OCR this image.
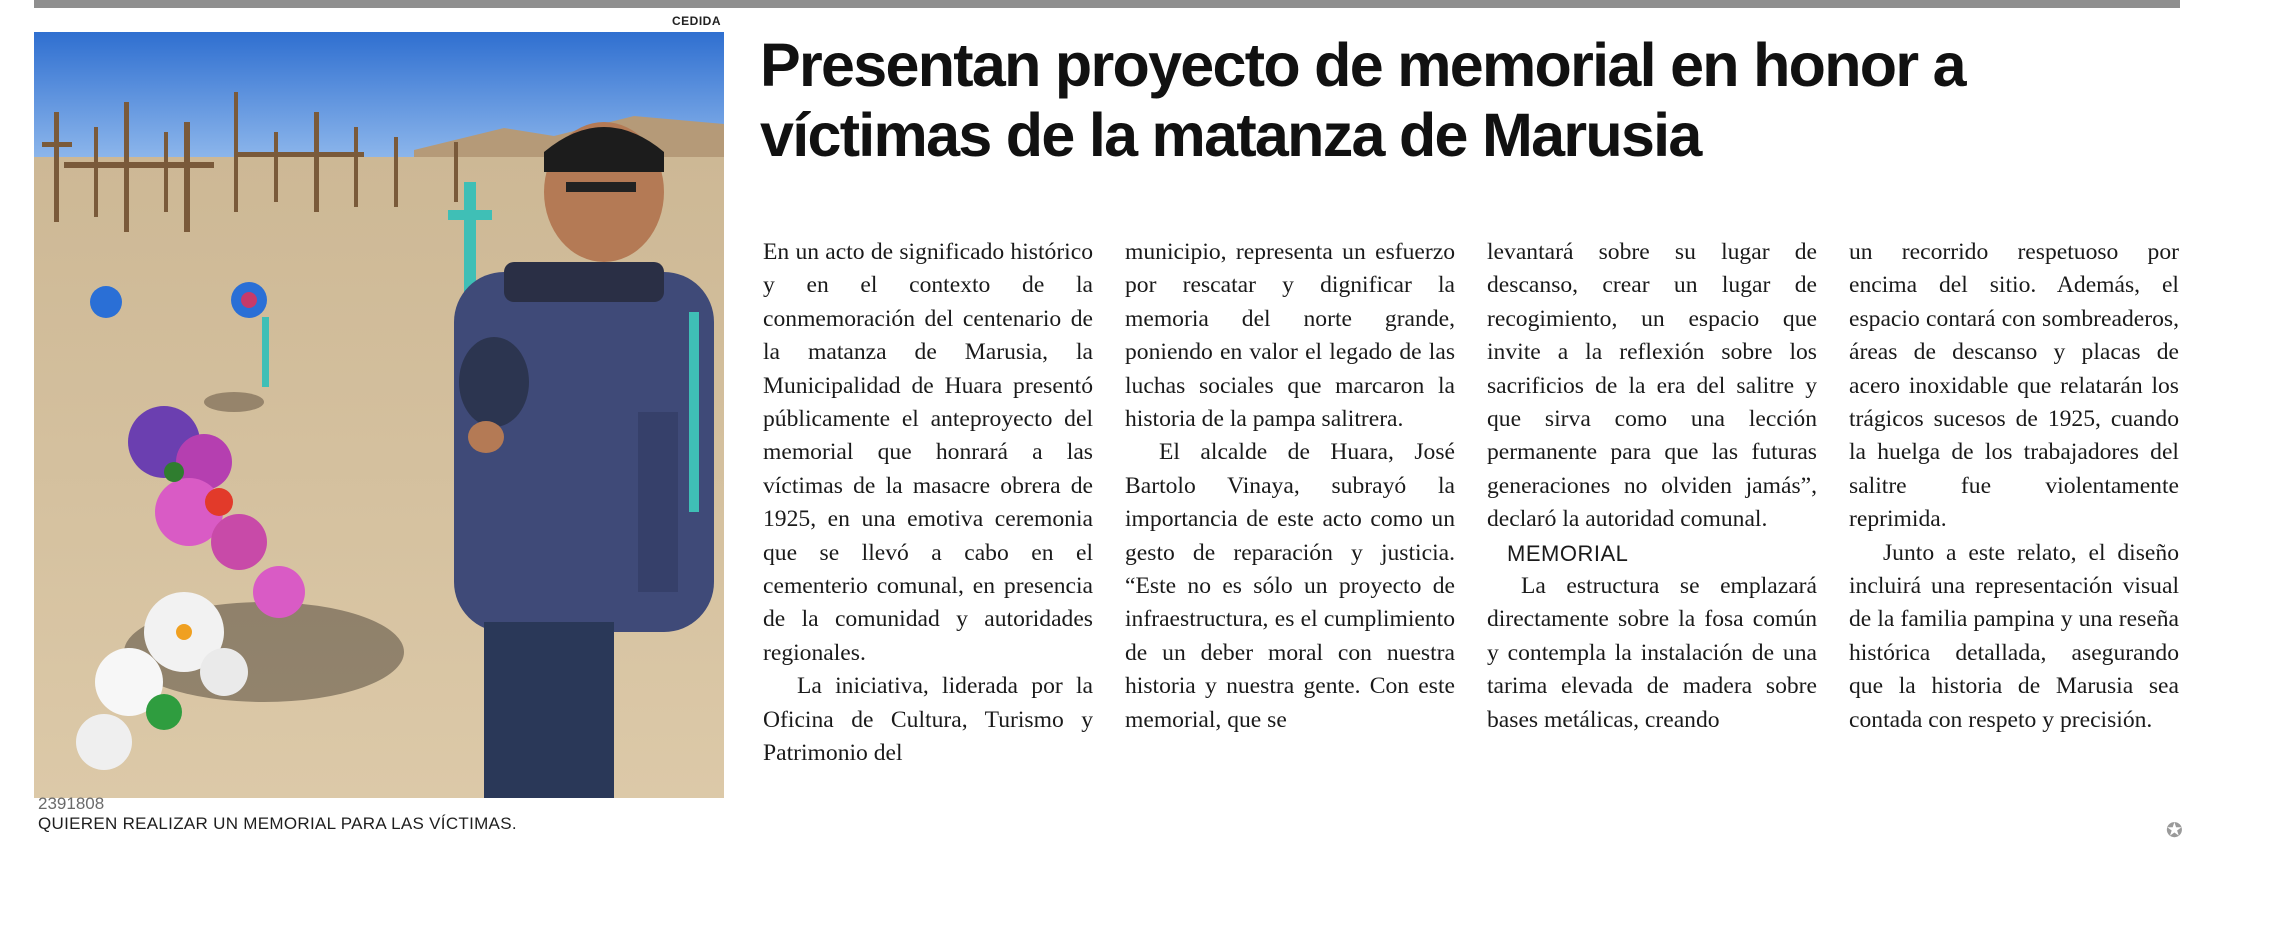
CEDIDA
2391808
QUIEREN REALIZAR UN MEMORIAL PARA LAS VÍCTIMAS.
Presentan proyecto de memorial en honor a víctimas de la matanza de Marusia

En un acto de significado histórico y en el contexto de la conmemoración del centenario de la matanza de Marusia, la Municipalidad de Huara presentó públicamente el anteproyecto del memorial que honrará a las víctimas de la masacre obrera de 1925, en una emotiva ceremonia que se llevó a cabo en el cementerio comunal, en presencia de la comunidad y autoridades regionales.

La iniciativa, liderada por la Oficina de Cultura, Turismo y Patrimonio del

municipio, representa un esfuerzo por rescatar y dignificar la memoria del norte grande, poniendo en valor el legado de las luchas sociales que marcaron la historia de la pampa salitrera.

El alcalde de Huara, José Bartolo Vinaya, subrayó la importancia de este acto como un gesto de reparación y justicia. “Este no es sólo un proyecto de infraestructura, es el cumplimiento de un deber moral con nuestra historia y nuestra gente. Con este memorial, que se

levantará sobre su lugar de descanso, crear un lugar de recogimiento, un espacio que invite a la reflexión sobre los sacrificios de la era del salitre y que sirva como una lección permanente para que las futuras generaciones no olviden jamás”, declaró la autoridad comunal.

MEMORIAL

La estructura se emplazará directamente sobre la fosa común y contempla la instalación de una tarima elevada de madera sobre bases metálicas, creando

un recorrido respetuoso por encima del sitio. Además, el espacio contará con sombreaderos, áreas de descanso y placas de acero inoxidable que relatarán los trágicos sucesos de 1925, cuando la huelga de los trabajadores del salitre fue violentamente reprimida.

Junto a este relato, el diseño incluirá una representación visual de la familia pampina y una reseña histórica detallada, asegurando que la historia de Marusia sea contada con respeto y precisión.

✪
